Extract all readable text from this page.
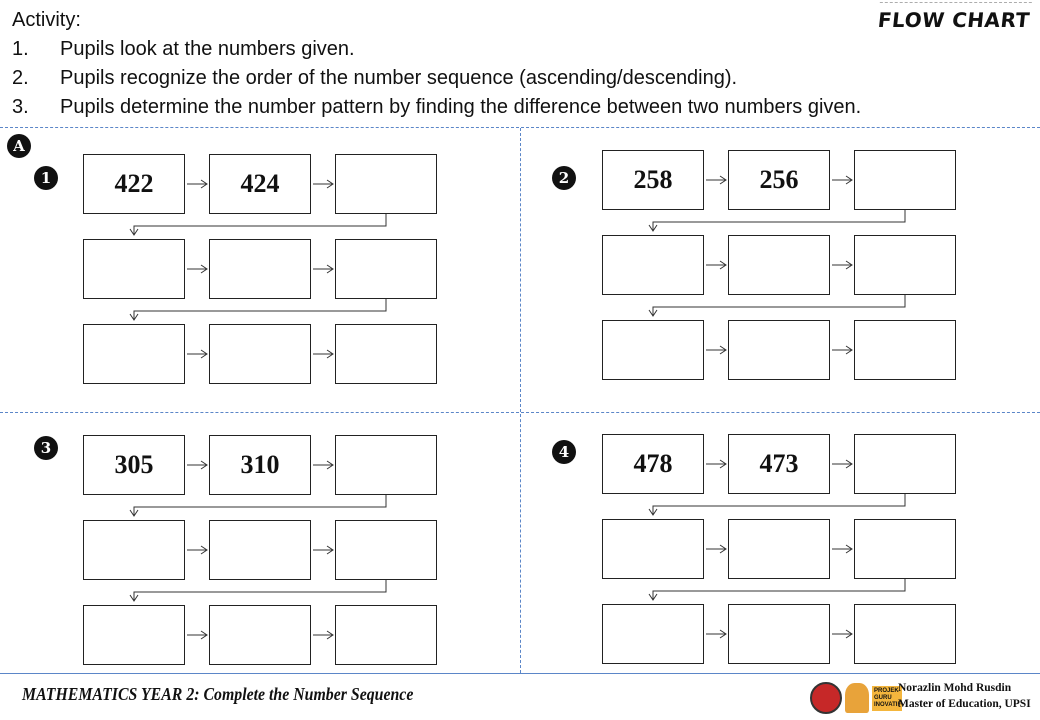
Activity:
1.	Pupils look at the numbers given.
2.	Pupils recognize the order of the number sequence (ascending/descending).
3.	Pupils determine the number pattern by finding the difference between two numbers given.
FLOW CHART
A
1	2
3	4
422	424	258	256
305	310	478	473
MATHEMATICS YEAR 2: Complete the Number Sequence	PROJEK GURU INOVATIF
Norazlin Mohd Rusdin
Master of Education, UPSI
